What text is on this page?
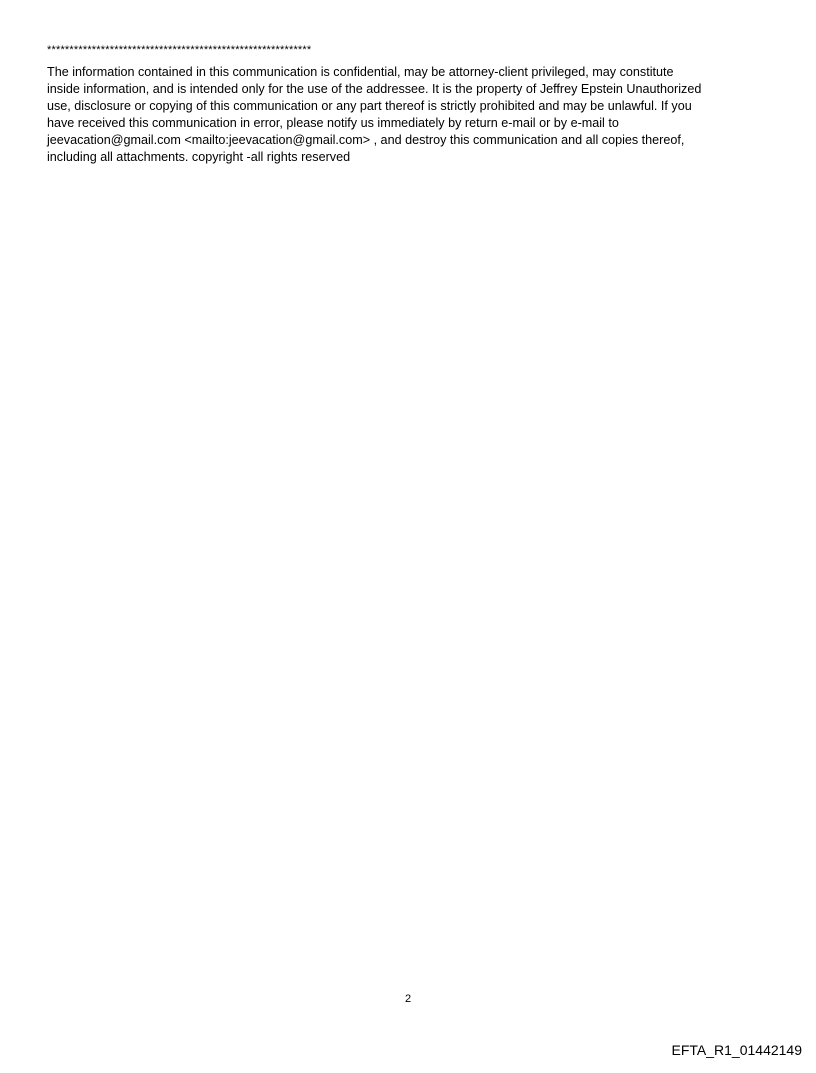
***********************************************************
The information contained in this communication is confidential, may be attorney-client privileged, may constitute
inside information, and is intended only for the use of the addressee. It is the property of Jeffrey Epstein Unauthorized
use, disclosure or copying of this communication or any part thereof is strictly prohibited and may be unlawful. If you
have received this communication in error, please notify us immediately by return e-mail or by e-mail to
jeevacation@gmail.com <mailto:jeevacation@gmail.com> , and destroy this communication and all copies thereof,
including all attachments. copyright -all rights reserved
2
EFTA_R1_01442149
